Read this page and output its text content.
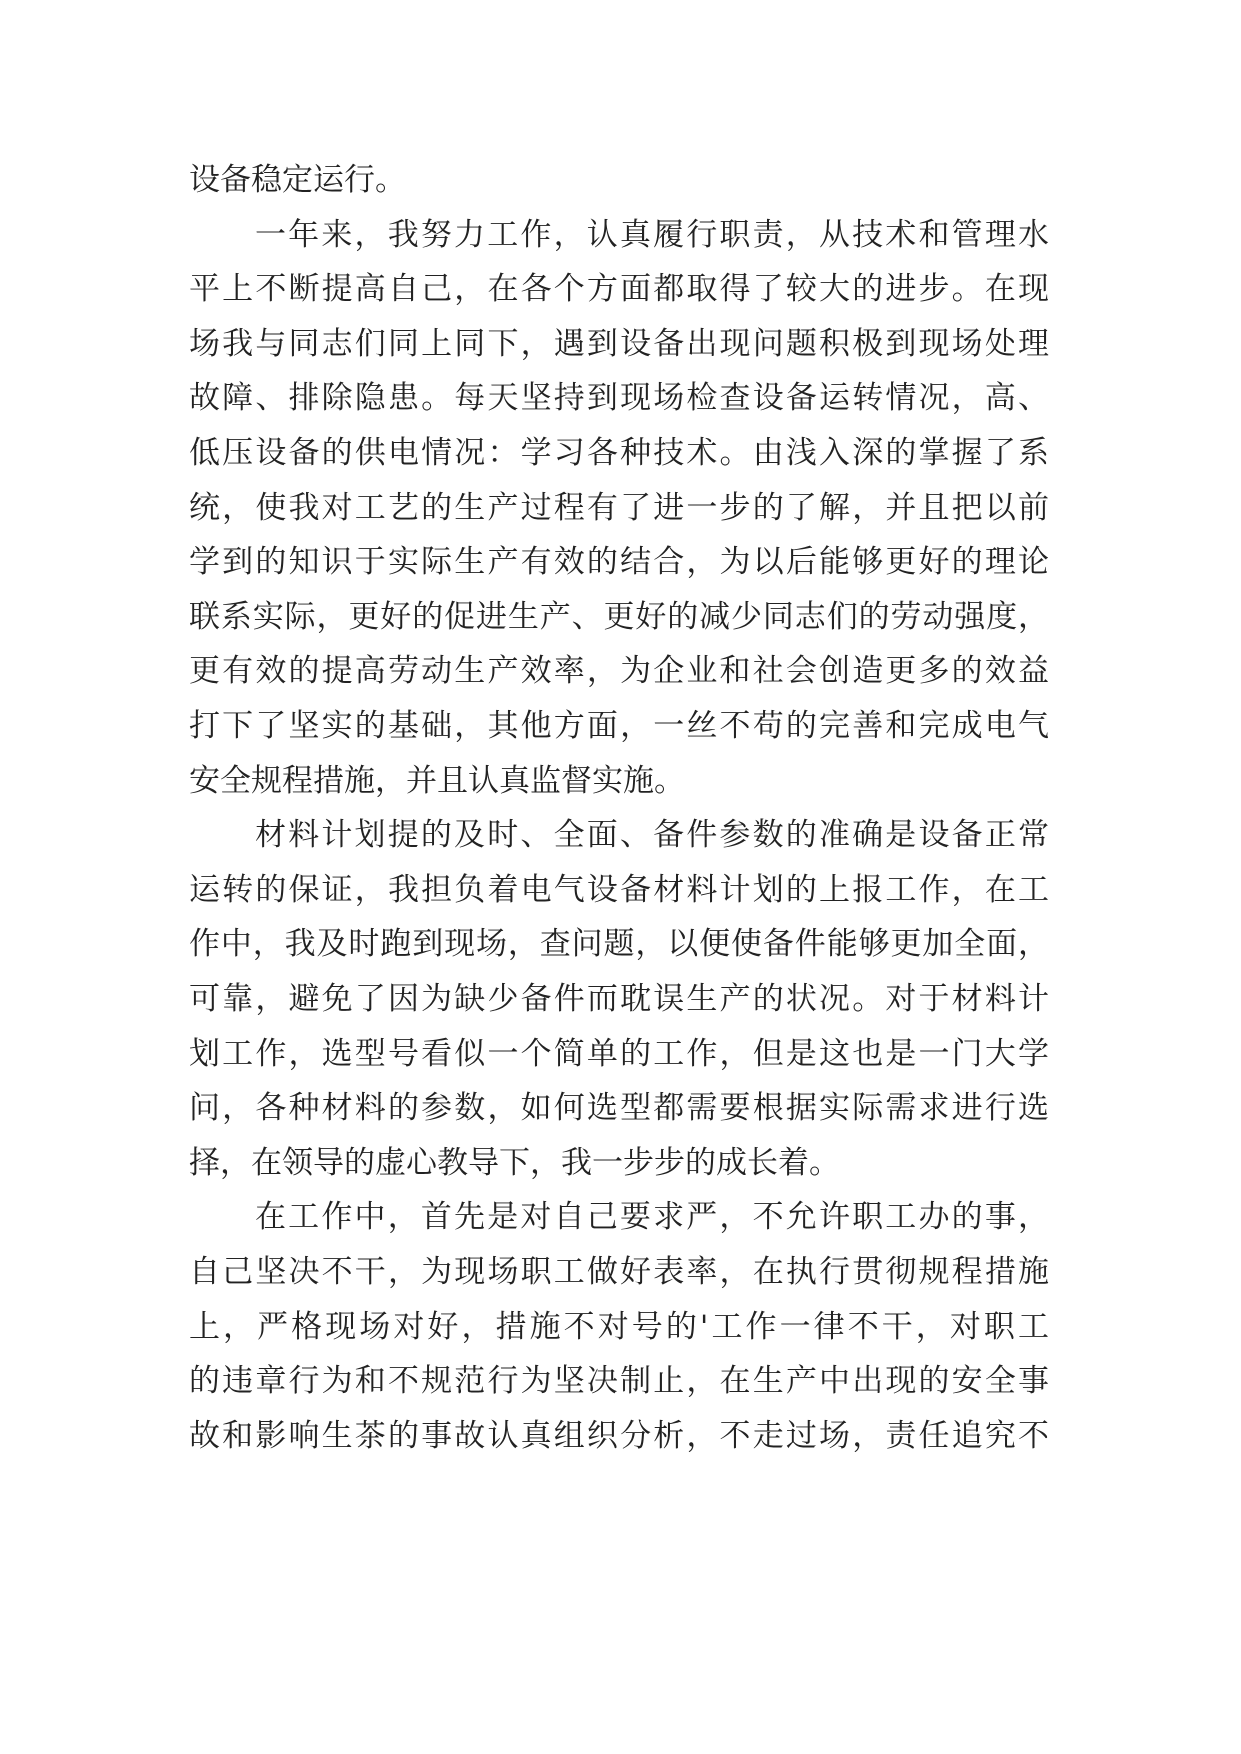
设备稳定运行。
一年来，我努力工作，认真履行职责，从技术和管理水
平上不断提高自己，在各个方面都取得了较大的进步。在现
场我与同志们同上同下，遇到设备出现问题积极到现场处理
故障、排除隐患。每天坚持到现场检查设备运转情况，高、
低压设备的供电情况：学习各种技术。由浅入深的掌握了系
统，使我对工艺的生产过程有了进一步的了解，并且把以前
学到的知识于实际生产有效的结合，为以后能够更好的理论
联系实际，更好的促进生产、更好的减少同志们的劳动强度，
更有效的提高劳动生产效率，为企业和社会创造更多的效益
打下了坚实的基础，其他方面，一丝不苟的完善和完成电气
安全规程措施，并且认真监督实施。
材料计划提的及时、全面、备件参数的准确是设备正常
运转的保证，我担负着电气设备材料计划的上报工作，在工
作中，我及时跑到现场，查问题，以便使备件能够更加全面，
可靠，避免了因为缺少备件而耽误生产的状况。对于材料计
划工作，选型号看似一个简单的工作，但是这也是一门大学
问，各种材料的参数，如何选型都需要根据实际需求进行选
择，在领导的虚心教导下，我一步步的成长着。
在工作中，首先是对自己要求严，不允许职工办的事，
自己坚决不干，为现场职工做好表率，在执行贯彻规程措施
上，严格现场对好，措施不对号的'工作一律不干，对职工
的违章行为和不规范行为坚决制止，在生产中出现的安全事
故和影响生茶的事故认真组织分析，不走过场，责任追究不
